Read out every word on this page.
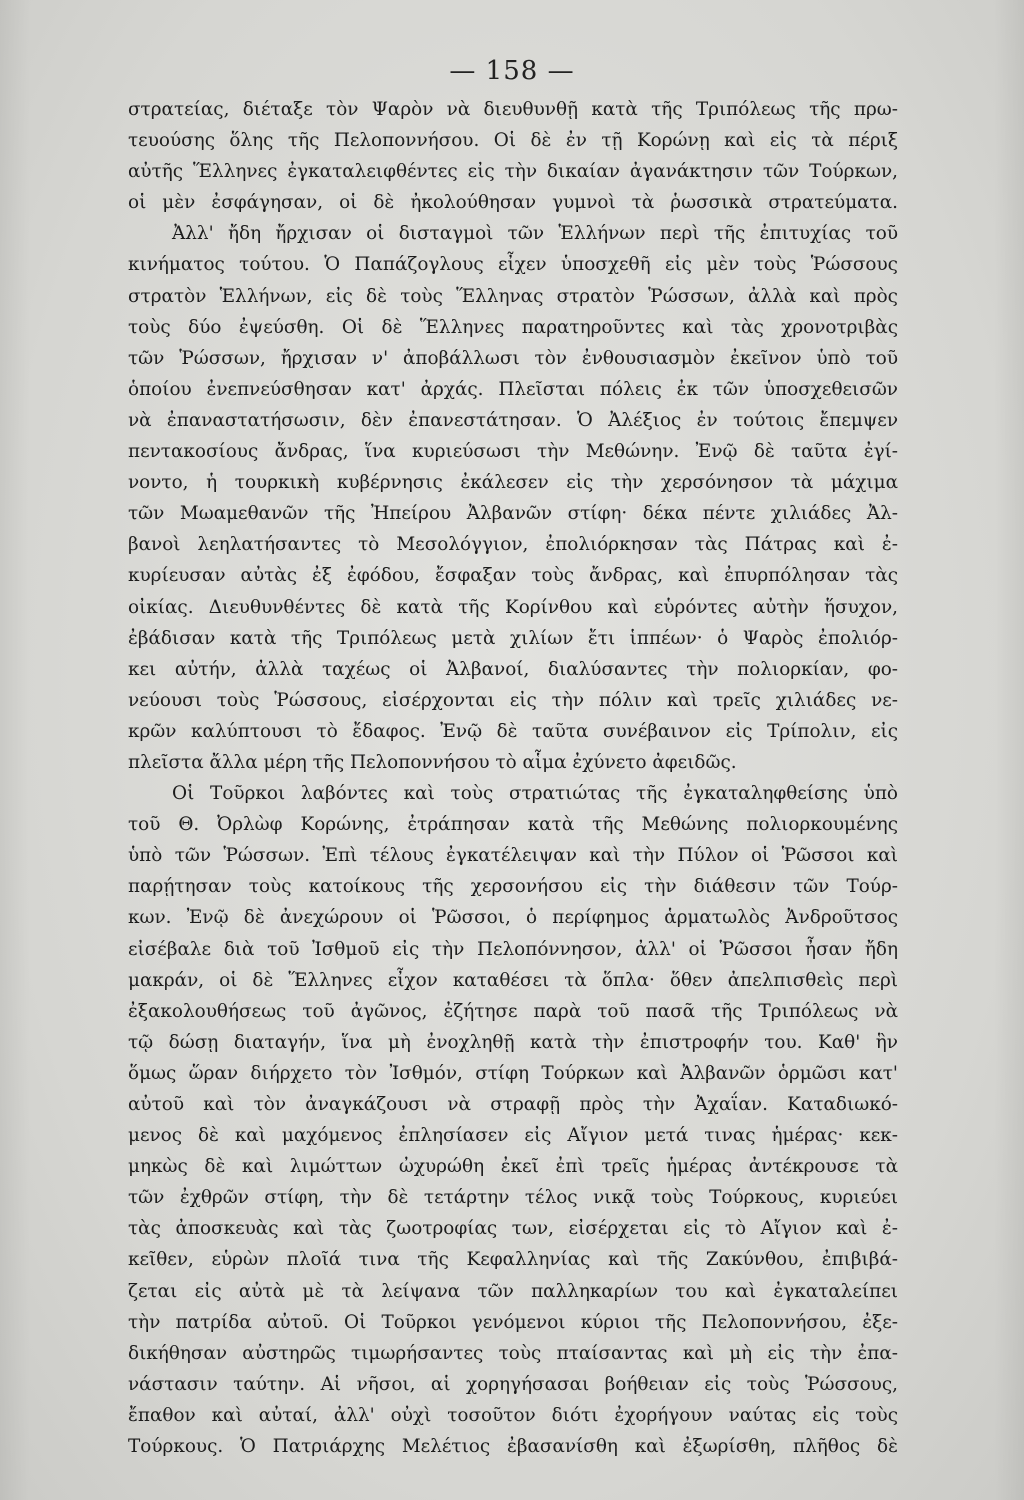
— 158 —
στρατείας, διέταξε τὸν Ψαρὸν νὰ διευθυνθῇ κατὰ τῆς Τριπόλεως τῆς πρω-
τευούσης ὅλης τῆς Πελοποννήσου. Οἱ δὲ ἐν τῇ Κορώνῃ καὶ εἰς τὰ πέριξ
αὐτῆς Ἕλληνες ἐγκαταλειφθέντες εἰς τὴν δικαίαν ἀγανάκτησιν τῶν Τούρκων,
οἱ μὲν ἐσφάγησαν, οἱ δὲ ἠκολούθησαν γυμνοὶ τὰ ῥωσσικὰ στρατεύματα.
Ἀλλ' ἤδη ἤρχισαν οἱ δισταγμοὶ τῶν Ἑλλήνων περὶ τῆς ἐπιτυχίας τοῦ
κινήματος τούτου. Ὁ Παπάζογλους εἶχεν ὑποσχεθῆ εἰς μὲν τοὺς Ῥώσσους
στρατὸν Ἑλλήνων, εἰς δὲ τοὺς Ἕλληνας στρατὸν Ῥώσσων, ἀλλὰ καὶ πρὸς
τοὺς δύο ἐψεύσθη. Οἱ δὲ Ἕλληνες παρατηροῦντες καὶ τὰς χρονοτριβὰς
τῶν Ῥώσσων, ἤρχισαν ν' ἀποβάλλωσι τὸν ἐνθουσιασμὸν ἐκεῖνον ὑπὸ τοῦ
ὁποίου ἐνεπνεύσθησαν κατ' ἀρχάς. Πλεῖσται πόλεις ἐκ τῶν ὑποσχεθεισῶν
νὰ ἐπαναστατήσωσιν, δὲν ἐπανεστάτησαν. Ὁ Ἀλέξιος ἐν τούτοις ἔπεμψεν
πεντακοσίους ἄνδρας, ἵνα κυριεύσωσι τὴν Μεθώνην. Ἐνῷ δὲ ταῦτα ἐγί-
νοντο, ἡ τουρκικὴ κυβέρνησις ἐκάλεσεν εἰς τὴν χερσόνησον τὰ μάχιμα
τῶν Μωαμεθανῶν τῆς Ἠπείρου Ἀλβανῶν στίφη· δέκα πέντε χιλιάδες Ἀλ-
βανοὶ λεηλατήσαντες τὸ Μεσολόγγιον, ἐπολιόρκησαν τὰς Πάτρας καὶ ἐ-
κυρίευσαν αὐτὰς ἐξ ἐφόδου, ἔσφαξαν τοὺς ἄνδρας, καὶ ἐπυρπόλησαν τὰς
οἰκίας. Διευθυνθέντες δὲ κατὰ τῆς Κορίνθου καὶ εὑρόντες αὐτὴν ἥσυχον,
ἐβάδισαν κατὰ τῆς Τριπόλεως μετὰ χιλίων ἔτι ἱππέων· ὁ Ψαρὸς ἐπολιόρ-
κει αὐτήν, ἀλλὰ ταχέως οἱ Ἀλβανοί, διαλύσαντες τὴν πολιορκίαν, φο-
νεύουσι τοὺς Ῥώσσους, εἰσέρχονται εἰς τὴν πόλιν καὶ τρεῖς χιλιάδες νε-
κρῶν καλύπτουσι τὸ ἔδαφος. Ἐνῷ δὲ ταῦτα συνέβαινον εἰς Τρίπολιν, εἰς
πλεῖστα ἄλλα μέρη τῆς Πελοποννήσου τὸ αἷμα ἐχύνετο ἀφειδῶς.
Οἱ Τοῦρκοι λαβόντες καὶ τοὺς στρατιώτας τῆς ἐγκαταληφθείσης ὑπὸ
τοῦ Θ. Ὀρλὼφ Κορώνης, ἐτράπησαν κατὰ τῆς Μεθώνης πολιορκουμένης
ὑπὸ τῶν Ῥώσσων. Ἐπὶ τέλους ἐγκατέλειψαν καὶ τὴν Πύλον οἱ Ῥῶσσοι καὶ
παρῄτησαν τοὺς κατοίκους τῆς χερσονήσου εἰς τὴν διάθεσιν τῶν Τούρ-
κων. Ἐνῷ δὲ ἀνεχώρουν οἱ Ῥῶσσοι, ὁ περίφημος ἁρματωλὸς Ἀνδροῦτσος
εἰσέβαλε διὰ τοῦ Ἰσθμοῦ εἰς τὴν Πελοπόννησον, ἀλλ' οἱ Ῥῶσσοι ἦσαν ἤδη
μακράν, οἱ δὲ Ἕλληνες εἶχον καταθέσει τὰ ὅπλα· ὅθεν ἀπελπισθεὶς περὶ
ἐξακολουθήσεως τοῦ ἀγῶνος, ἐζήτησε παρὰ τοῦ πασᾶ τῆς Τριπόλεως νὰ
τῷ δώσῃ διαταγήν, ἵνα μὴ ἐνοχληθῇ κατὰ τὴν ἐπιστροφήν του. Καθ' ἣν
ὅμως ὥραν διήρχετο τὸν Ἰσθμόν, στίφη Τούρκων καὶ Ἀλβανῶν ὁρμῶσι κατ'
αὐτοῦ καὶ τὸν ἀναγκάζουσι νὰ στραφῇ πρὸς τὴν Ἀχαΐαν. Καταδιωκό-
μενος δὲ καὶ μαχόμενος ἐπλησίασεν εἰς Αἴγιον μετά τινας ἡμέρας· κεκ-
μηκὼς δὲ καὶ λιμώττων ὠχυρώθη ἐκεῖ ἐπὶ τρεῖς ἡμέρας ἀντέκρουσε τὰ
τῶν ἐχθρῶν στίφη, τὴν δὲ τετάρτην τέλος νικᾷ τοὺς Τούρκους, κυριεύει
τὰς ἀποσκευὰς καὶ τὰς ζωοτροφίας των, εἰσέρχεται εἰς τὸ Αἴγιον καὶ ἐ-
κεῖθεν, εὑρὼν πλοῖά τινα τῆς Κεφαλληνίας καὶ τῆς Ζακύνθου, ἐπιβιβά-
ζεται εἰς αὐτὰ μὲ τὰ λείψανα τῶν παλληκαρίων του καὶ ἐγκαταλείπει
τὴν πατρίδα αὐτοῦ. Οἱ Τοῦρκοι γενόμενοι κύριοι τῆς Πελοποννήσου, ἐξε-
δικήθησαν αὐστηρῶς τιμωρήσαντες τοὺς πταίσαντας καὶ μὴ εἰς τὴν ἐπα-
νάστασιν ταύτην. Αἱ νῆσοι, αἱ χορηγήσασαι βοήθειαν εἰς τοὺς Ῥώσσους,
ἔπαθον καὶ αὐταί, ἀλλ' οὐχὶ τοσοῦτον διότι ἐχορήγουν ναύτας εἰς τοὺς
Τούρκους. Ὁ Πατριάρχης Μελέτιος ἐβασανίσθη καὶ ἐξωρίσθη, πλῆθος δὲ
